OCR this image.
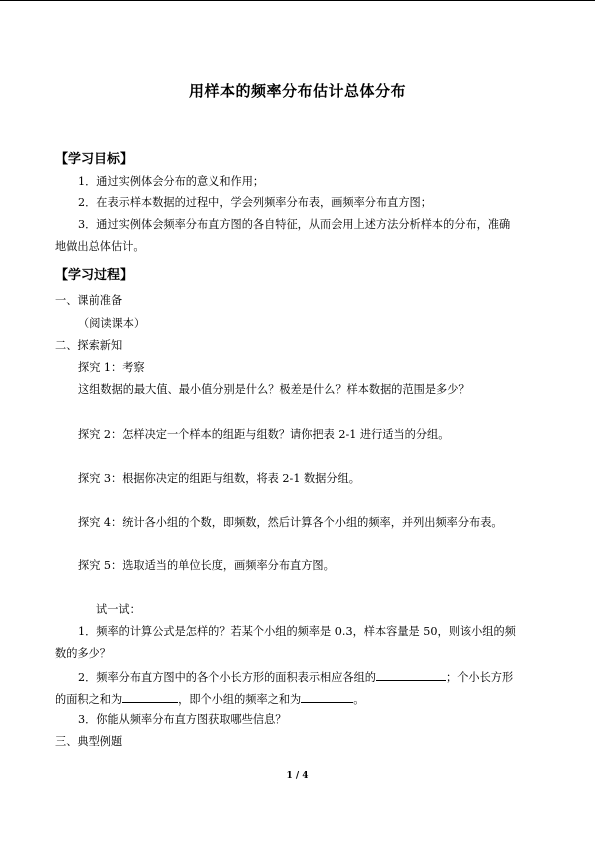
用样本的频率分布估计总体分布
【学习目标】
1．通过实例体会分布的意义和作用；
2．在表示样本数据的过程中，学会列频率分布表，画频率分布直方图；
3．通过实例体会频率分布直方图的各自特征，从而会用上述方法分析样本的分布，准确
地做出总体估计。
【学习过程】
一、课前准备
（阅读课本）
二、探索新知
探究 1：考察
这组数据的最大值、最小值分别是什么？极差是什么？样本数据的范围是多少？
探究 2：怎样决定一个样本的组距与组数？请你把表 2-1 进行适当的分组。
探究 3：根据你决定的组距与组数，将表 2-1 数据分组。
探究 4：统计各小组的个数，即频数，然后计算各个小组的频率，并列出频率分布表。
探究 5：选取适当的单位长度，画频率分布直方图。
试一试：
1．频率的计算公式是怎样的？若某个小组的频率是 0.3，样本容量是 50，则该小组的频
数的多少？
2．频率分布直方图中的各个小长方形的面积表示相应各组的	；个小长方形
的面积之和为	，即个小组的频率之和为	。
3．你能从频率分布直方图获取哪些信息？
三、典型例题
1 / 4
